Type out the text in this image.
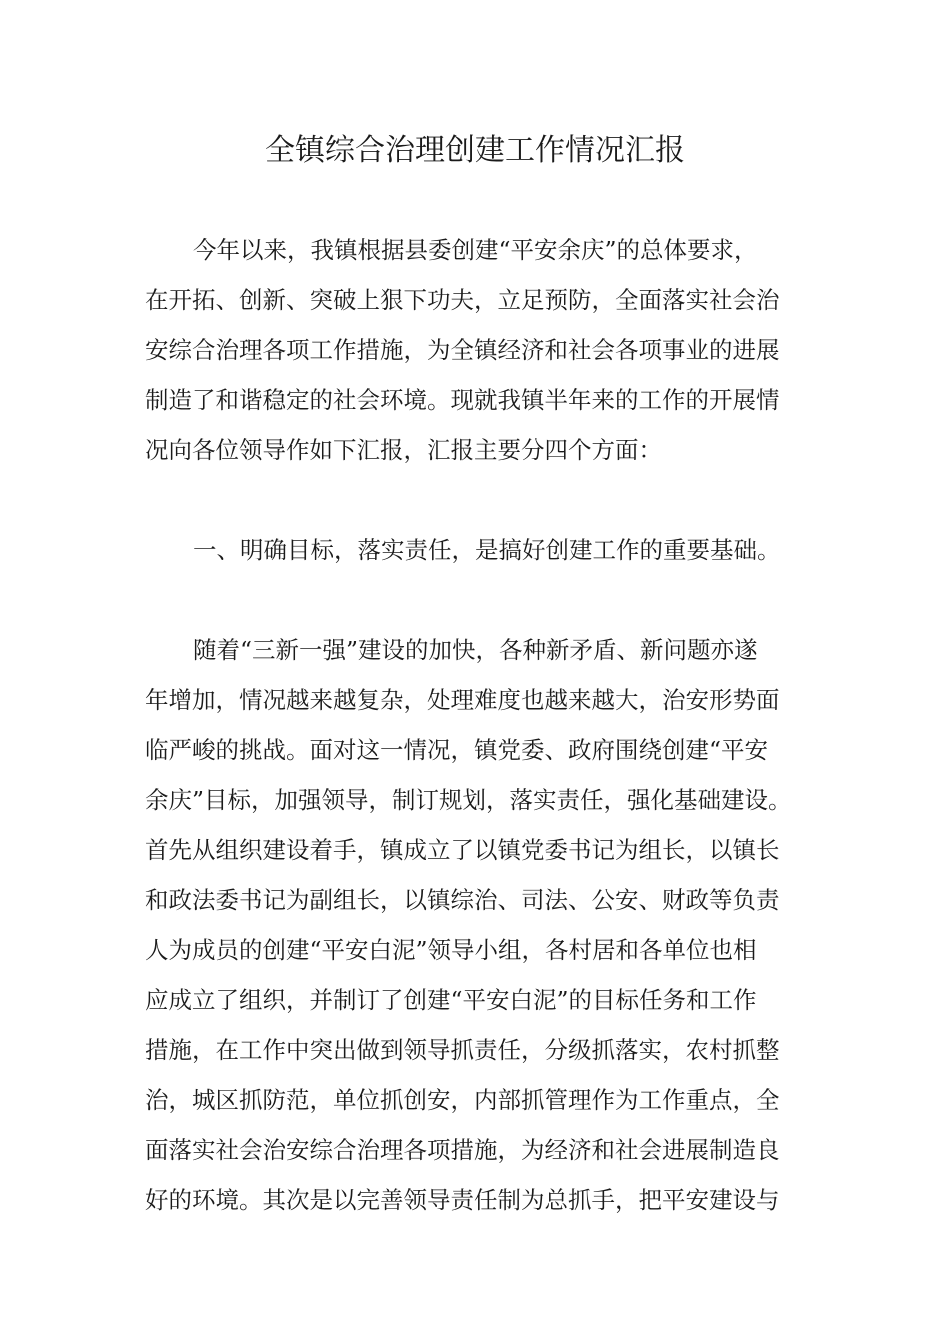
全镇综合治理创建工作情况汇报
今年以来，我镇根据县委创建“平安余庆”的总体要求，
在开拓、创新、突破上狠下功夫，立足预防，全面落实社会治
安综合治理各项工作措施，为全镇经济和社会各项事业的进展
制造了和谐稳定的社会环境。现就我镇半年来的工作的开展情
况向各位领导作如下汇报，汇报主要分四个方面：
一、明确目标，落实责任，是搞好创建工作的重要基础。
随着“三新一强”建设的加快，各种新矛盾、新问题亦遂
年增加，情况越来越复杂，处理难度也越来越大，治安形势面
临严峻的挑战。面对这一情况，镇党委、政府围绕创建“平安
余庆”目标，加强领导，制订规划，落实责任，强化基础建设。
首先从组织建设着手，镇成立了以镇党委书记为组长，以镇长
和政法委书记为副组长，以镇综治、司法、公安、财政等负责
人为成员的创建“平安白泥”领导小组，各村居和各单位也相
应成立了组织，并制订了创建“平安白泥”的目标任务和工作
措施，在工作中突出做到领导抓责任，分级抓落实，农村抓整
治，城区抓防范，单位抓创安，内部抓管理作为工作重点，全
面落实社会治安综合治理各项措施，为经济和社会进展制造良
好的环境。其次是以完善领导责任制为总抓手，把平安建设与
